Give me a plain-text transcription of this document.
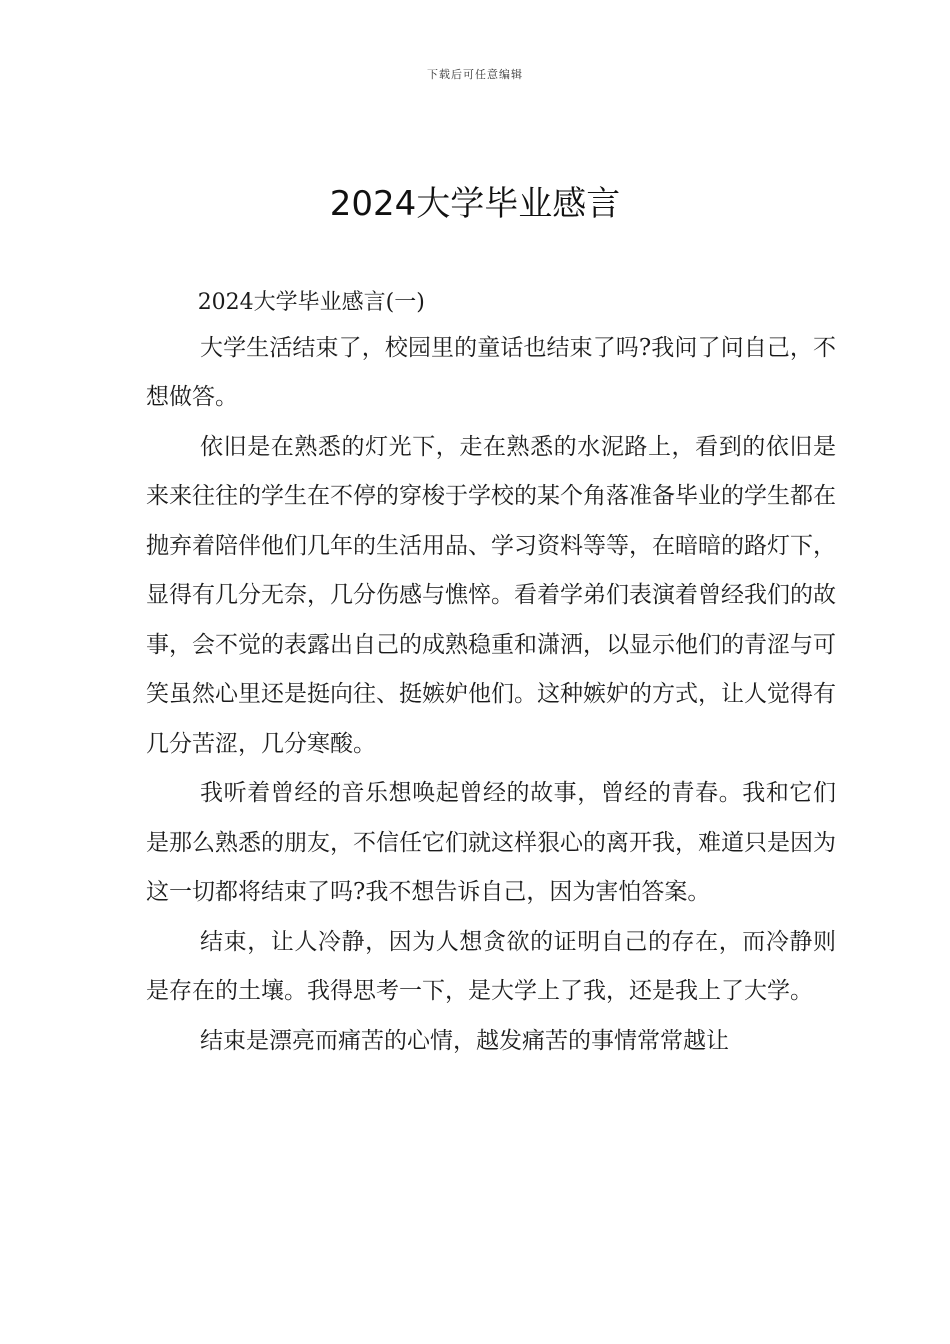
下载后可任意编辑
2024大学毕业感言

2024大学毕业感言(一)

大学生活结束了，校园里的童话也结束了吗?我问了问自己，不想做答。

依旧是在熟悉的灯光下，走在熟悉的水泥路上，看到的依旧是来来往往的学生在不停的穿梭于学校的某个角落准备毕业的学生都在抛弃着陪伴他们几年的生活用品、学习资料等等，在暗暗的路灯下，显得有几分无奈，几分伤感与憔悴。看着学弟们表演着曾经我们的故事，会不觉的表露出自己的成熟稳重和潇洒，以显示他们的青涩与可笑虽然心里还是挺向往、挺嫉妒他们。这种嫉妒的方式，让人觉得有几分苦涩，几分寒酸。

我听着曾经的音乐想唤起曾经的故事，曾经的青春。我和它们是那么熟悉的朋友，不信任它们就这样狠心的离开我，难道只是因为这一切都将结束了吗?我不想告诉自己，因为害怕答案。

结束，让人冷静，因为人想贪欲的证明自己的存在，而冷静则是存在的土壤。我得思考一下，是大学上了我，还是我上了大学。

结束是漂亮而痛苦的心情，越发痛苦的事情常常越让
